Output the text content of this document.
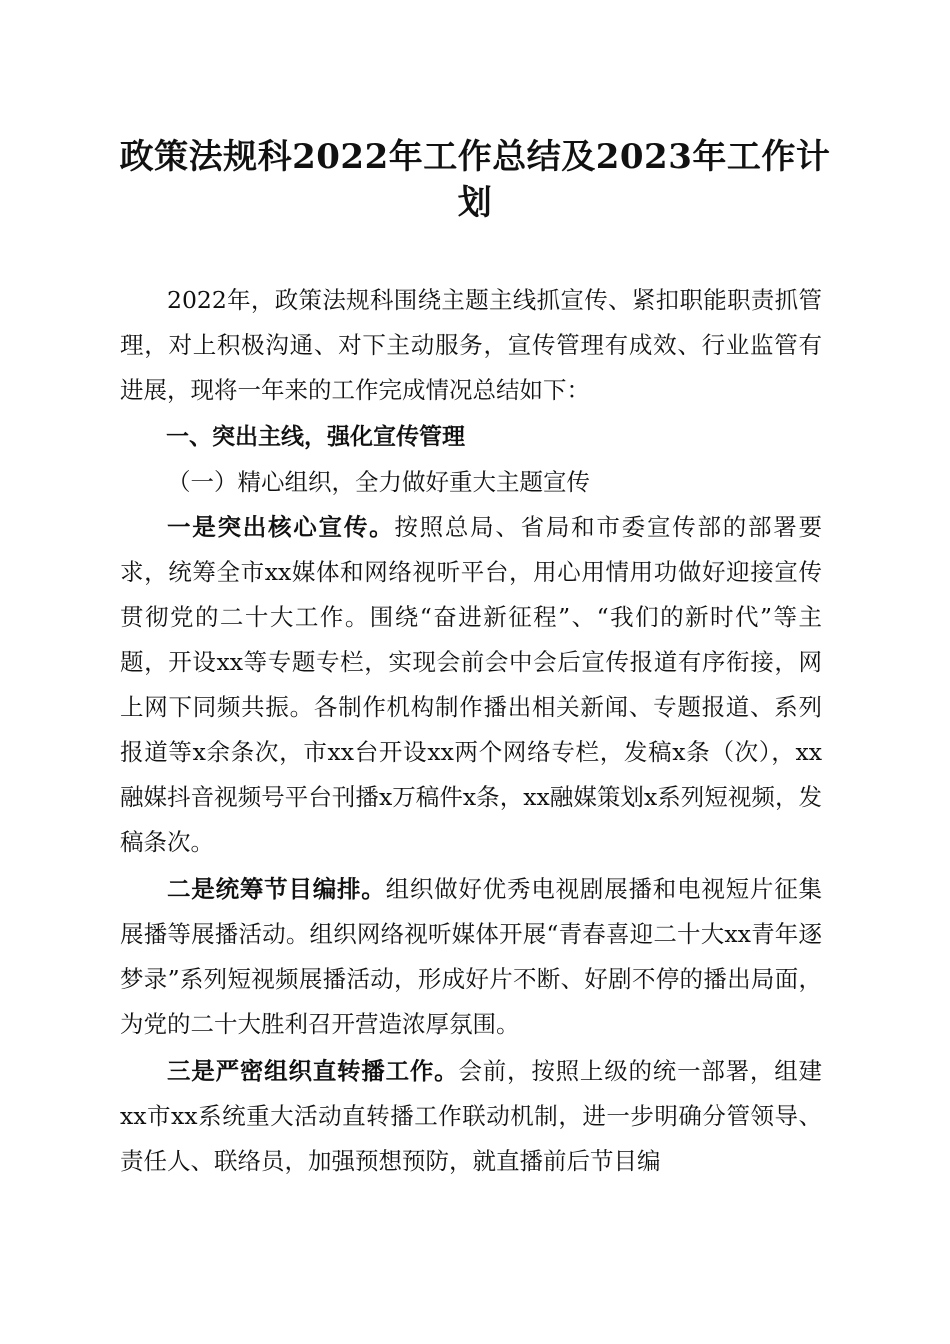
政策法规科2022年工作总结及2023年工作计划

2022年，政策法规科围绕主题主线抓宣传、紧扣职能职责抓管理，对上积极沟通、对下主动服务，宣传管理有成效、行业监管有进展，现将一年来的工作完成情况总结如下：

一、突出主线，强化宣传管理

（一）精心组织，全力做好重大主题宣传

一是突出核心宣传。按照总局、省局和市委宣传部的部署要求，统筹全市xx媒体和网络视听平台，用心用情用功做好迎接宣传贯彻党的二十大工作。围绕“奋进新征程”、“我们的新时代”等主题，开设xx等专题专栏，实现会前会中会后宣传报道有序衔接，网上网下同频共振。各制作机构制作播出相关新闻、专题报道、系列报道等x余条次，市xx台开设xx两个网络专栏，发稿x条（次），xx融媒抖音视频号平台刊播x万稿件x条，xx融媒策划x系列短视频，发稿条次。

二是统筹节目编排。组织做好优秀电视剧展播和电视短片征集展播等展播活动。组织网络视听媒体开展“青春喜迎二十大xx青年逐梦录”系列短视频展播活动，形成好片不断、好剧不停的播出局面，为党的二十大胜利召开营造浓厚氛围。

三是严密组织直转播工作。会前，按照上级的统一部署，组建xx市xx系统重大活动直转播工作联动机制，进一步明确分管领导、责任人、联络员，加强预想预防，就直播前后节目编
